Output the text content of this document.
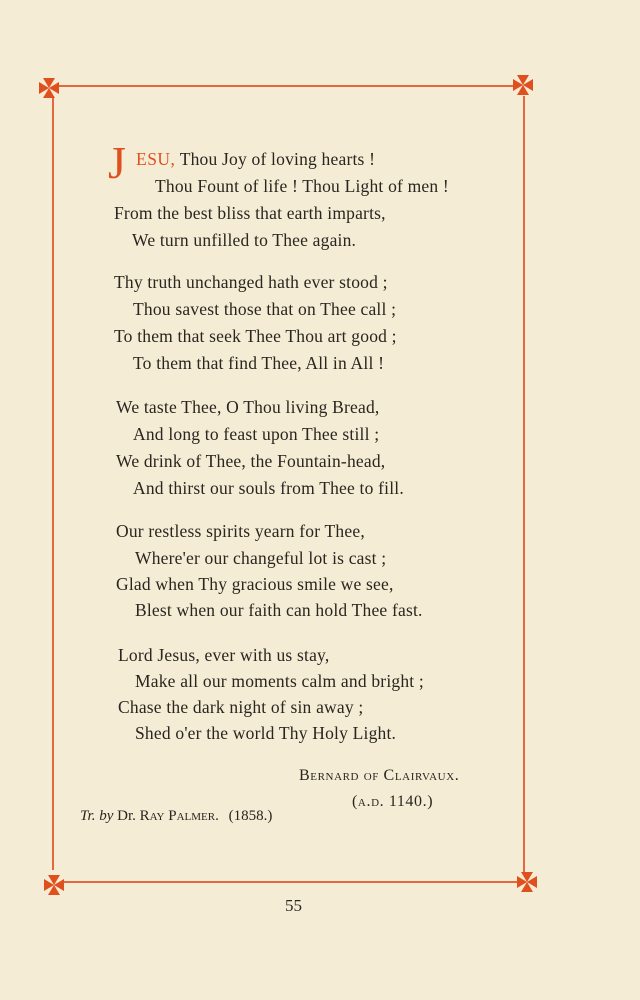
J ESU, Thou Joy of loving hearts !
Thou Fount of life ! Thou Light of men !
From the best bliss that earth imparts,
We turn unfilled to Thee again.
Thy truth unchanged hath ever stood ;
Thou savest those that on Thee call ;
To them that seek Thee Thou art good ;
To them that find Thee, All in All !
We taste Thee, O Thou living Bread,
And long to feast upon Thee still ;
We drink of Thee, the Fountain-head,
And thirst our souls from Thee to fill.
Our restless spirits yearn for Thee,
Where'er our changeful lot is cast ;
Glad when Thy gracious smile we see,
Blest when our faith can hold Thee fast.
Lord Jesus, ever with us stay,
Make all our moments calm and bright ;
Chase the dark night of sin away ;
Shed o'er the world Thy Holy Light.
Bernard of Clairvaux.
(a.d. 1140.)
Tr. by Dr. Ray Palmer. (1858.)
55
